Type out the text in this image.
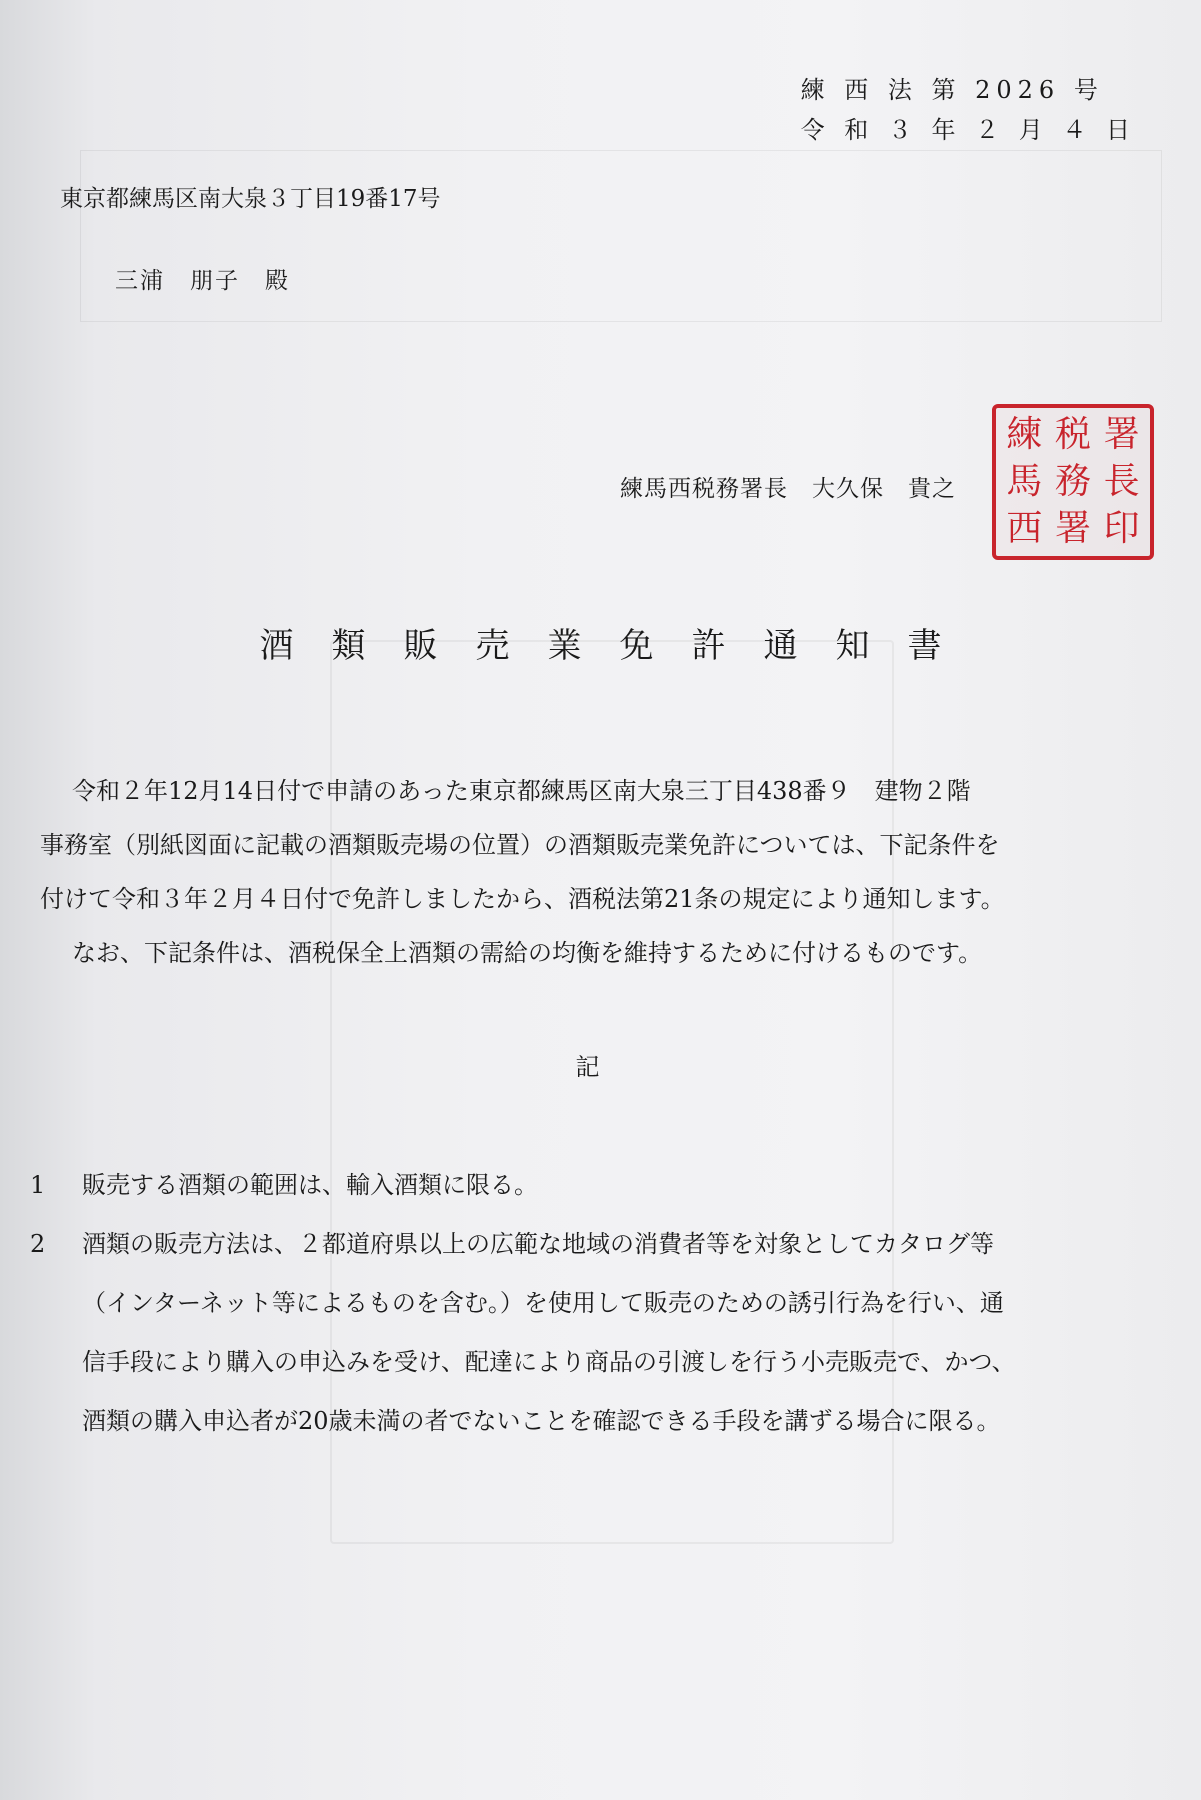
練 西 法 第 2026 号
令 和 ３ 年 ２ 月 ４ 日
東京都練馬区南大泉３丁目19番17号
三浦　朋子　殿
練馬西税務署長　大久保　貴之
練 税 署
馬 務 長
西 署 印
酒類販売業免許通知書

令和２年12月14日付で申請のあった東京都練馬区南大泉三丁目438番９　建物２階

事務室（別紙図面に記載の酒類販売場の位置）の酒類販売業免許については、下記条件を

付けて令和３年２月４日付で免許しましたから、酒税法第21条の規定により通知します。

なお、下記条件は、酒税保全上酒類の需給の均衡を維持するために付けるものです。

記
1	販売する酒類の範囲は、輸入酒類に限る。
2	酒類の販売方法は、２都道府県以上の広範な地域の消費者等を対象としてカタログ等
（インターネット等によるものを含む。）を使用して販売のための誘引行為を行い、通
信手段により購入の申込みを受け、配達により商品の引渡しを行う小売販売で、かつ、
酒類の購入申込者が20歳未満の者でないことを確認できる手段を講ずる場合に限る。
